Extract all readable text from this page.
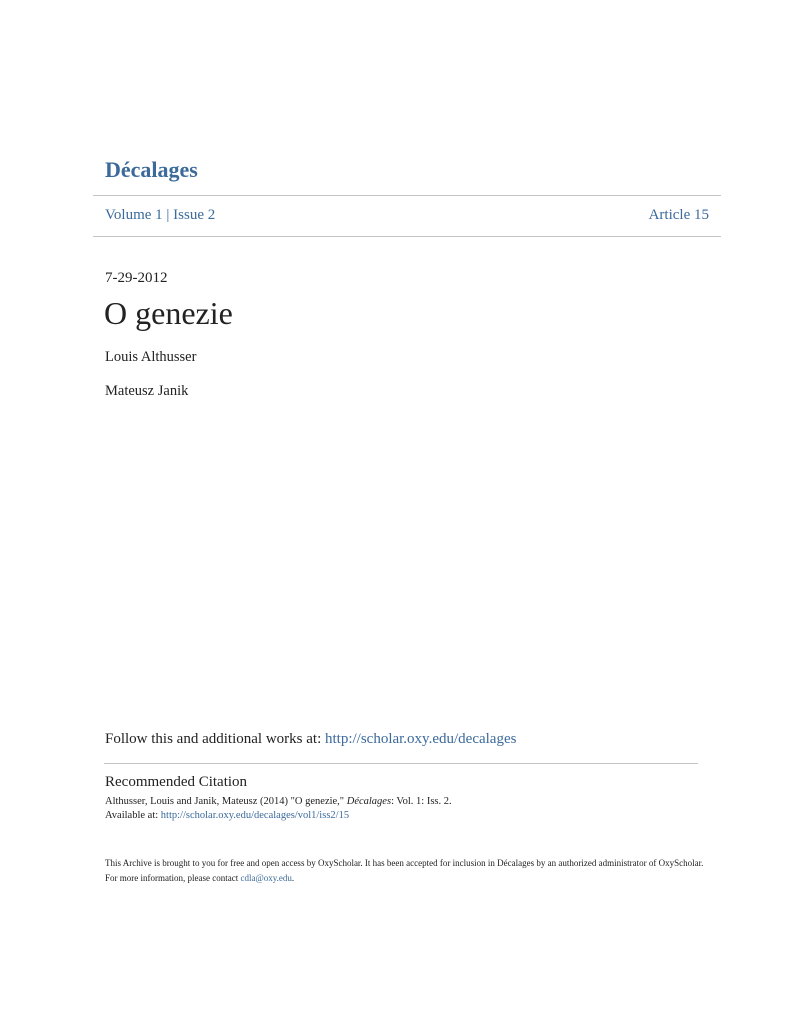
Décalages
Volume 1 | Issue 2	Article 15
7-29-2012
O genezie
Louis Althusser
Mateusz Janik
Follow this and additional works at: http://scholar.oxy.edu/decalages
Recommended Citation
Althusser, Louis and Janik, Mateusz (2014) "O genezie," Décalages: Vol. 1: Iss. 2.
Available at: http://scholar.oxy.edu/decalages/vol1/iss2/15
This Archive is brought to you for free and open access by OxyScholar. It has been accepted for inclusion in Décalages by an authorized administrator of OxyScholar. For more information, please contact cdla@oxy.edu.
